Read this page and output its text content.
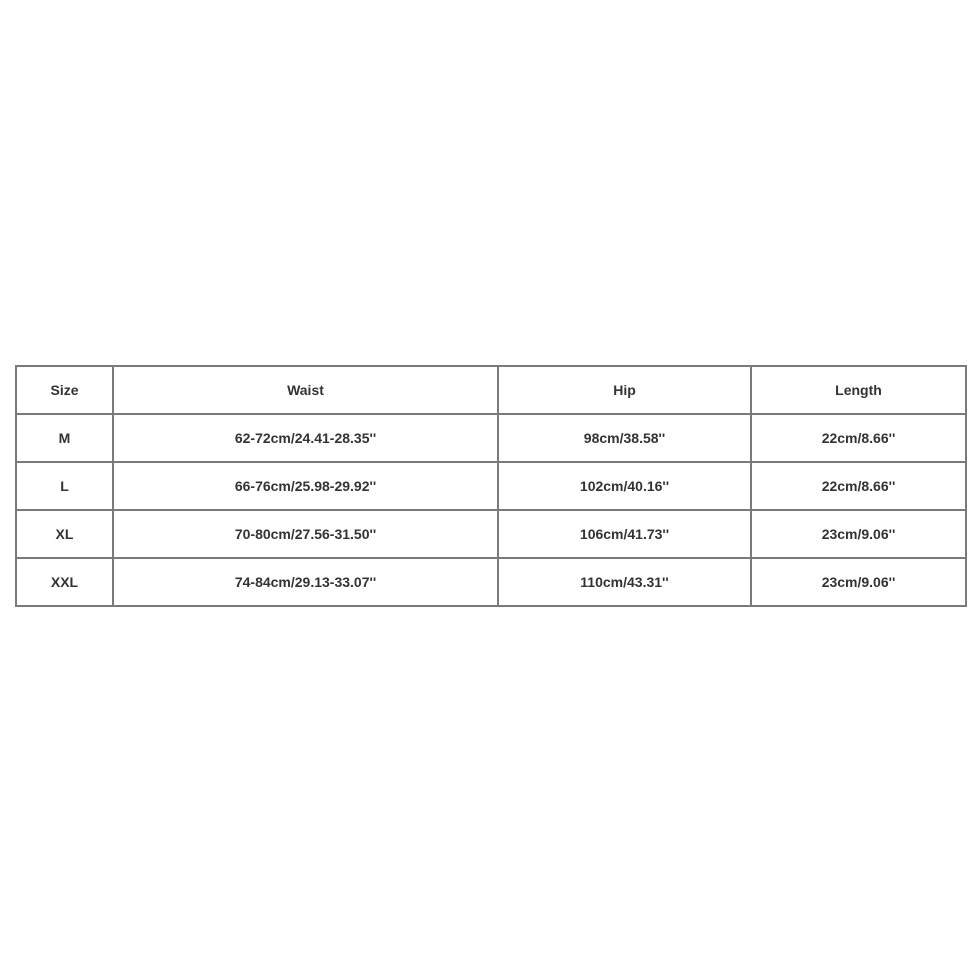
Size	Waist	Hip	Length
M	62-72cm/24.41-28.35''	98cm/38.58''	22cm/8.66''
L	66-76cm/25.98-29.92''	102cm/40.16''	22cm/8.66''
XL	70-80cm/27.56-31.50''	106cm/41.73''	23cm/9.06''
XXL	74-84cm/29.13-33.07''	110cm/43.31''	23cm/9.06''
